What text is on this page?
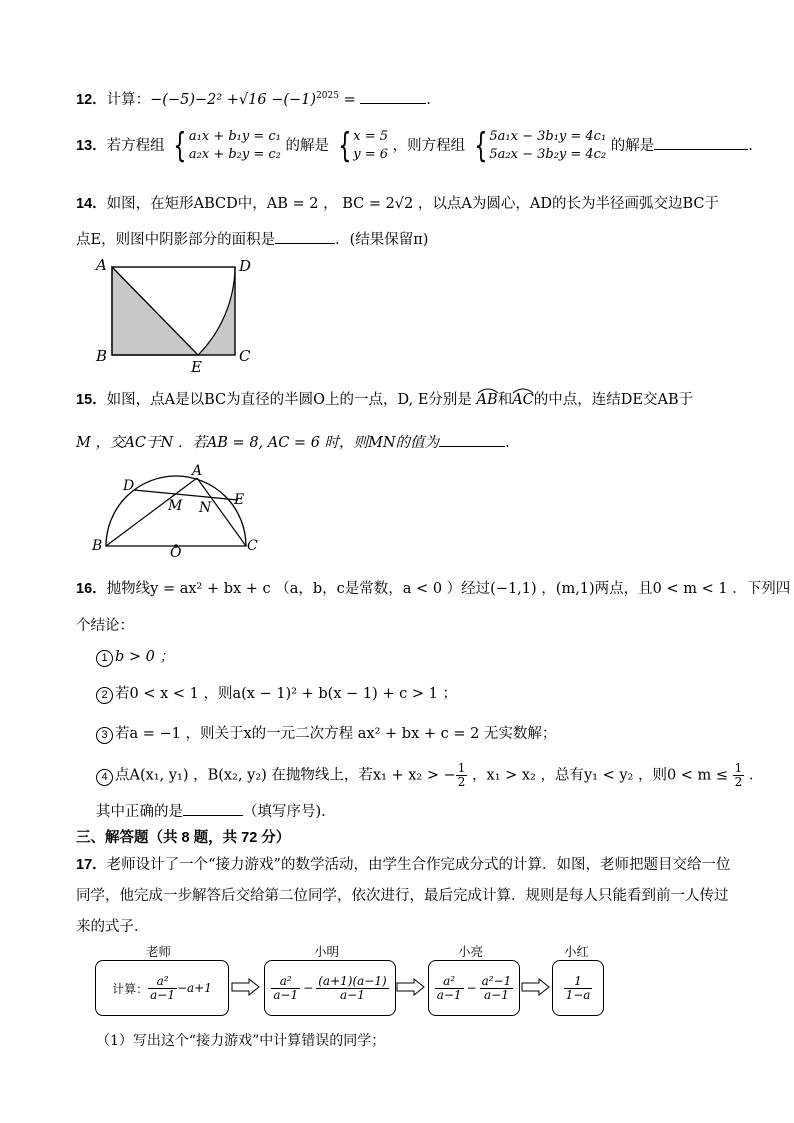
12．计算：$-(-5)-2^2 +√16 -(-1)^{2025}$ =	．
13．若方程组 { a₁x + b₁y = c₁
a₂x + b₂y = c₂
的解是 { x = 5
y = 6
，则方程组 { 5a₁x − 3b₁y = 4c₁
5a₂x − 3b₂y = 4c₂
的解是	.
14．如图，在矩形ABCD中，AB = 2 ， BC = 2√2 ，以点A为圆心，AD的长为半径画弧交边BC于
点E，则图中阴影部分的面积是	．(结果保留π)
A	D
B
E
C
15．如图，点A是以BC为直径的半圆O上的一点，D, E分别是 AB
和AC
的中点，连结DE交AB于
M ，交AC于N ．若AB = 8, AC = 6 时，则MN的值为	．
A
D
E
M N
B	O	C
16．抛物线y = ax² + bx + c （a，b，c是常数，a < 0 ）经过(−1,1) ，(m,1)两点，且0 < m < 1 ．下列四
个结论：
1 b > 0 ；
2 若0 < x < 1 ，则a(x − 1)² + b(x − 1) + c > 1 ；
3 若a = −1 ，则关于x的一元二次方程 ax² + bx + c = 2 无实数解；
4 点A(x₁, y₁) ，B(x₂, y₂) 在抛物线上，若x₁ + x₂ > − $\frac{1}{2}$ ，x₁ > x₂ ，总有y₁ < y₂ ，则$0 < m \le \frac{1}{2}$ ．
其中正确的是	（填写序号).
三、解答题（共 8 题，共 72 分）
17．老师设计了一个“接力游戏”的数学活动，由学生合作完成分式的计算．如图，老师把题目交给一位
同学，他完成一步解答后交给第二位同学，依次进行，最后完成计算．规则是每人只能看到前一人传过
来的式子．
老师
计算： $\frac{\text{a²}}{a-1} -a+1$
小明
$\frac{\text{a²}}{a-1} - \frac{(a+1)(a-1)}{a-1}$
小亮
$\frac{\text{a²}}{a-1} - \frac{\text{a²−1}}{a-1}$
小红
$\frac{1}{1-a}$
（1）写出这个“接力游戏”中计算错误的同学；
